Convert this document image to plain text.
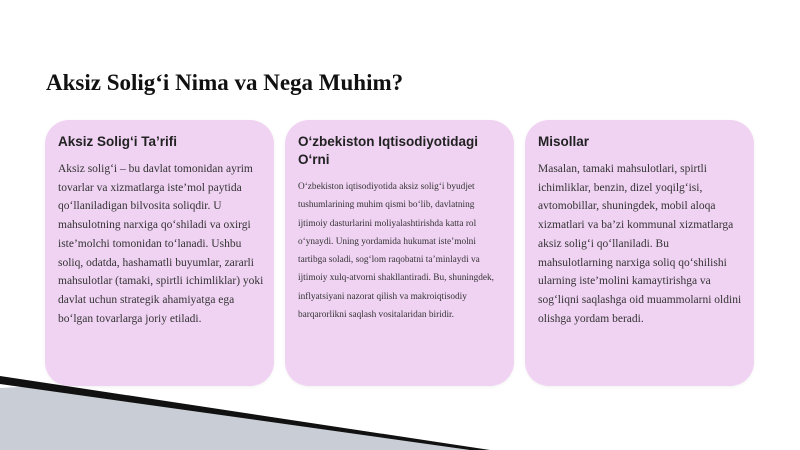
Aksiz Solig‘i Nima va Nega Muhim?
Aksiz Solig‘i Ta’rifi

Aksiz solig‘i – bu davlat tomonidan ayrim tovarlar va xizmatlarga iste’mol paytida qo‘llaniladigan bilvosita soliqdir. U mahsulotning narxiga qo‘shiladi va oxirgi iste’molchi tomonidan to‘lanadi. Ushbu soliq, odatda, hashamatli buyumlar, zararli mahsulotlar (tamaki, spirtli ichimliklar) yoki davlat uchun strategik ahamiyatga ega bo‘lgan tovarlarga joriy etiladi.

O‘zbekiston Iqtisodiyotidagi O‘rni

O‘zbekiston iqtisodiyotida aksiz solig‘i byudjet tushumlarining muhim qismi bo‘lib, davlatning ijtimoiy dasturlarini moliyalashtirishda katta rol o‘ynaydi. Uning yordamida hukumat iste’molni tartibga soladi, sog‘lom raqobatni ta’minlaydi va ijtimoiy xulq-atvorni shakllantiradi. Bu, shuningdek, inflyatsiyani nazorat qilish va makroiqtisodiy barqarorlikni saqlash vositalaridan biridir.

Misollar

Masalan, tamaki mahsulotlari, spirtli ichimliklar, benzin, dizel yoqilg‘isi, avtomobillar, shuningdek, mobil aloqa xizmatlari va ba’zi kommunal xizmatlarga aksiz solig‘i qo‘llaniladi. Bu mahsulotlarning narxiga soliq qo‘shilishi ularning iste’molini kamaytirishga va sog‘liqni saqlashga oid muammolarni oldini olishga yordam beradi.
